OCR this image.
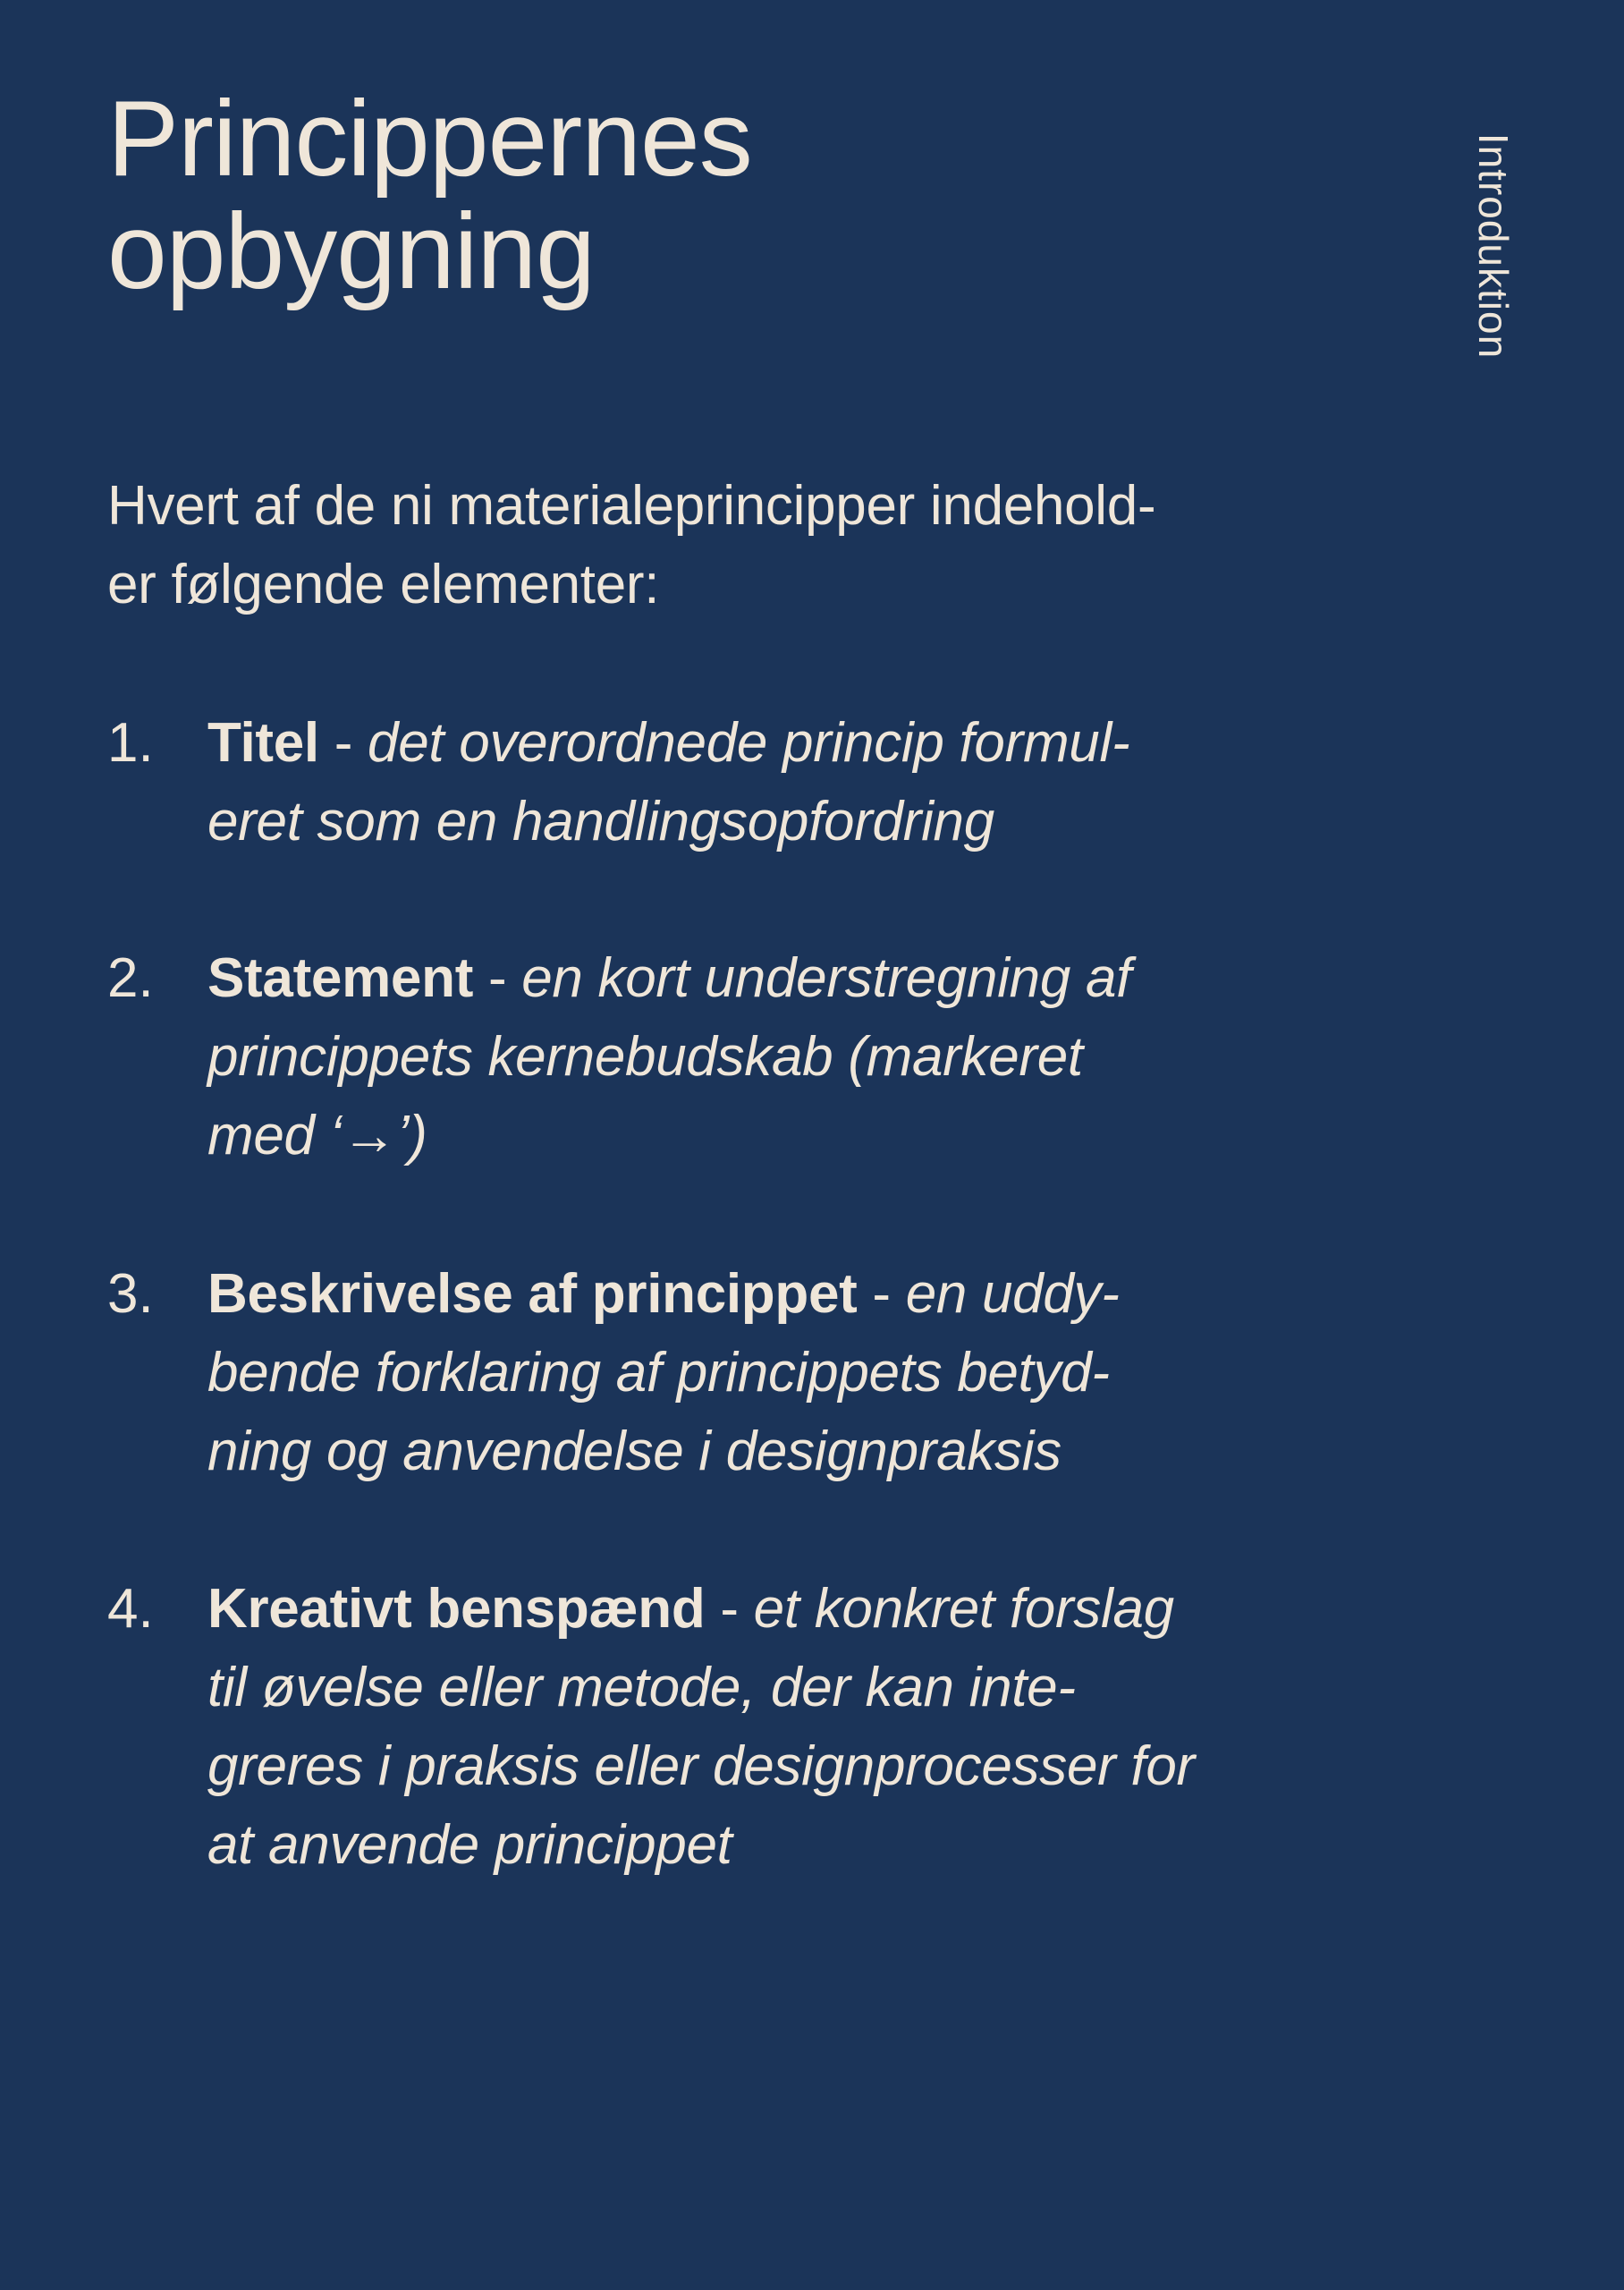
Princippernes
opbygning	Introduktion

Hvert af de ni materialeprincipper indehold-
er følgende elementer:

1. Titel - det overordnede princip formul-
eret som en handlingsopfordring
2. Statement - en kort understregning af
princippets kernebudskab (markeret
med ‘→’)
3. Beskrivelse af princippet - en uddy-
bende forklaring af princippets betyd-
ning og anvendelse i designpraksis
4. Kreativt benspænd - et konkret forslag
til øvelse eller metode, der kan inte-
greres i praksis eller designprocesser for
at anvende princippet
